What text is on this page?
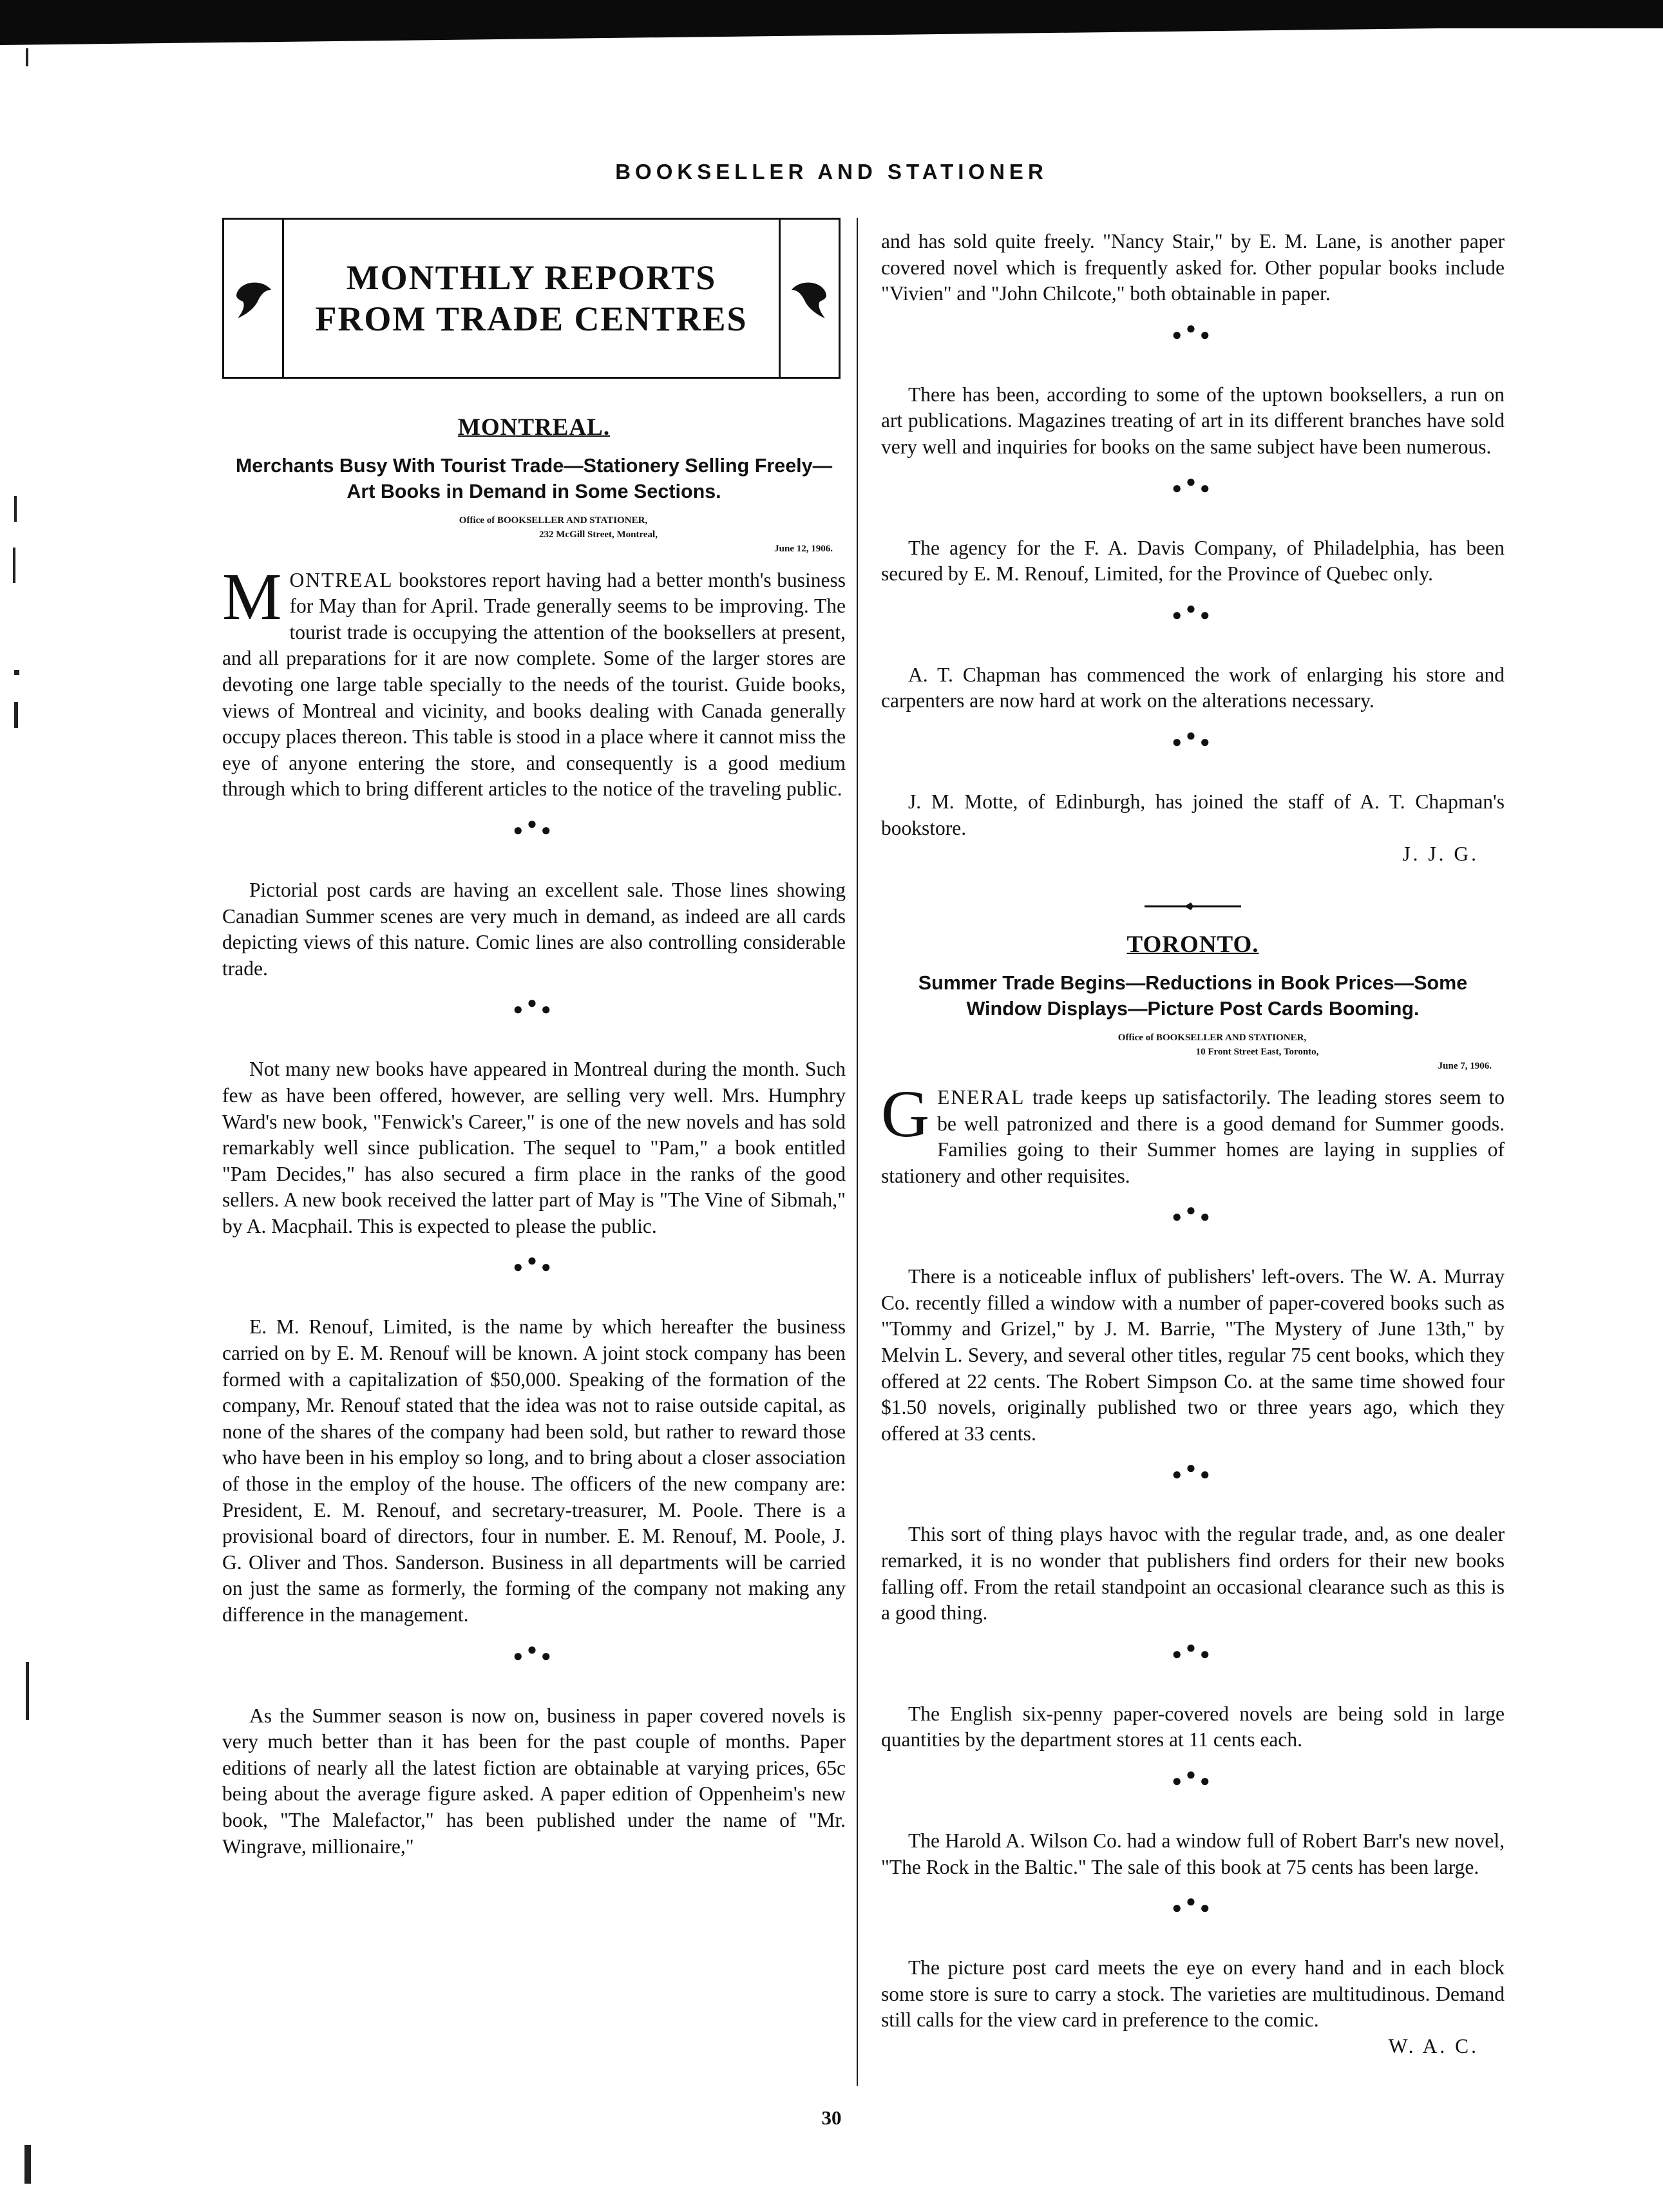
BOOKSELLER AND STATIONER
MONTHLY REPORTS
FROM TRADE CENTRES
MONTREAL.
Merchants Busy With Tourist Trade—Stationery Selling Freely—Art Books in Demand in Some Sections.
Office of BOOKSELLER AND STATIONER,
232 McGill Street, Montreal,
June 12, 1906.

MONTREAL bookstores report having had a better month's business for May than for April. Trade generally seems to be improving. The tourist trade is occupying the attention of the booksellers at present, and all preparations for it are now complete. Some of the larger stores are devoting one large table specially to the needs of the tourist. Guide books, views of Montreal and vicinity, and books dealing with Canada generally occupy places thereon. This table is stood in a place where it cannot miss the eye of anyone entering the store, and consequently is a good medium through which to bring different articles to the notice of the traveling public.

●●●

Pictorial post cards are having an excellent sale. Those lines showing Canadian Summer scenes are very much in demand, as indeed are all cards depicting views of this nature. Comic lines are also controlling considerable trade.

●●●

Not many new books have appeared in Montreal during the month. Such few as have been offered, however, are selling very well. Mrs. Humphry Ward's new book, "Fenwick's Career," is one of the new novels and has sold remarkably well since publication. The sequel to "Pam," a book entitled "Pam Decides," has also secured a firm place in the ranks of the good sellers. A new book received the latter part of May is "The Vine of Sibmah," by A. Macphail. This is expected to please the public.

●●●

E. M. Renouf, Limited, is the name by which hereafter the business carried on by E. M. Renouf will be known. A joint stock company has been formed with a capitalization of $50,000. Speaking of the formation of the company, Mr. Renouf stated that the idea was not to raise outside capital, as none of the shares of the company had been sold, but rather to reward those who have been in his employ so long, and to bring about a closer association of those in the employ of the house. The officers of the new company are: President, E. M. Renouf, and secretary-treasurer, M. Poole. There is a provisional board of directors, four in number. E. M. Renouf, M. Poole, J. G. Oliver and Thos. Sanderson. Business in all departments will be carried on just the same as formerly, the forming of the company not making any difference in the management.

●●●

As the Summer season is now on, business in paper covered novels is very much better than it has been for the past couple of months. Paper editions of nearly all the latest fiction are obtainable at varying prices, 65c being about the average figure asked. A paper edition of Oppenheim's new book, "The Malefactor," has been published under the name of "Mr. Wingrave, millionaire,"

and has sold quite freely. "Nancy Stair," by E. M. Lane, is another paper covered novel which is frequently asked for. Other popular books include "Vivien" and "John Chilcote," both obtainable in paper.

●●●

There has been, according to some of the uptown booksellers, a run on art publications. Magazines treating of art in its different branches have sold very well and inquiries for books on the same subject have been numerous.

●●●

The agency for the F. A. Davis Company, of Philadelphia, has been secured by E. M. Renouf, Limited, for the Province of Quebec only.

●●●

A. T. Chapman has commenced the work of enlarging his store and carpenters are now hard at work on the alterations necessary.

●●●

J. M. Motte, of Edinburgh, has joined the staff of A. T. Chapman's bookstore.

J. J. G.
TORONTO.
Summer Trade Begins—Reductions in Book Prices—Some Window Displays—Picture Post Cards Booming.
Office of BOOKSELLER AND STATIONER,
10 Front Street East, Toronto,
June 7, 1906.

GENERAL trade keeps up satisfactorily. The leading stores seem to be well patronized and there is a good demand for Summer goods. Families going to their Summer homes are laying in supplies of stationery and other requisites.

●●●

There is a noticeable influx of publishers' left-overs. The W. A. Murray Co. recently filled a window with a number of paper-covered books such as "Tommy and Grizel," by J. M. Barrie, "The Mystery of June 13th," by Melvin L. Severy, and several other titles, regular 75 cent books, which they offered at 22 cents. The Robert Simpson Co. at the same time showed four $1.50 novels, originally published two or three years ago, which they offered at 33 cents.

●●●

This sort of thing plays havoc with the regular trade, and, as one dealer remarked, it is no wonder that publishers find orders for their new books falling off. From the retail standpoint an occasional clearance such as this is a good thing.

●●●

The English six-penny paper-covered novels are being sold in large quantities by the department stores at 11 cents each.

●●●

The Harold A. Wilson Co. had a window full of Robert Barr's new novel, "The Rock in the Baltic." The sale of this book at 75 cents has been large.

●●●

The picture post card meets the eye on every hand and in each block some store is sure to carry a stock. The varieties are multitudinous. Demand still calls for the view card in preference to the comic.

W. A. C.
30
